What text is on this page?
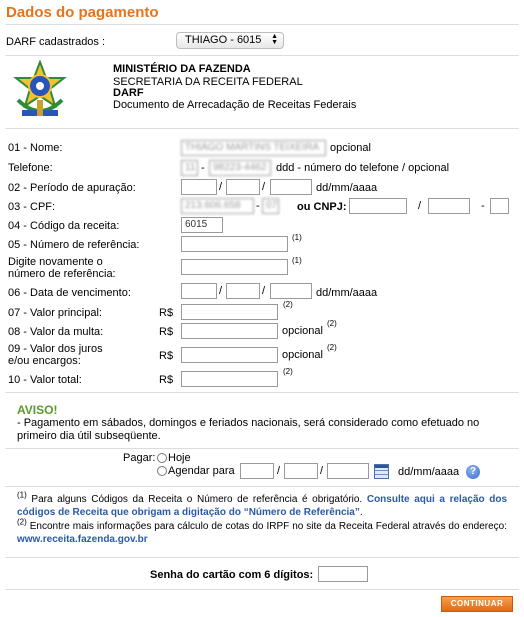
Dados do pagamento
DARF cadastrados :	THIAGO - 6015 ▲
▼
MINISTÉRIO DA FAZENDA
SECRETARIA DA RECEITA FEDERAL
DARF
Documento de Arrecadação de Receitas Federais
01 - Nome:	THIAGO MARTINS TEIXEIRA opcional
Telefone:	11 - 98223-4462 ddd - número do telefone / opcional
02 - Período de apuração:	/	/	dd/mm/aaaa
03 - CPF:	213.606.658	- 07 ou CNPJ:	/	-
04 - Código da receita:	6015
05 - Número de referência:
(1)
Digite novamente o
número de referência:
(1)
06 - Data de vencimento:	/	/	dd/mm/aaaa
07 - Valor principal:	R$
(2)
08 - Valor da multa:	R$	opcional
(2)
09 - Valor dos juros
e/ou encargos:	R$	opcional
(2)
10 - Valor total:	R$
(2)
AVISO!
- Pagamento em sábados, domingos e feriados nacionais, será considerado como efetuado no primeiro dia útil subseqüente.
Pagar: Hoje
Agendar para	/	/	dd/mm/aaaa	?
$^{(1)}$ Para alguns Códigos da Receita o Número de referência é obrigatório. Consulte aqui a relação dos códigos de Receita que obrigam a digitação do “Número de Referência”.
$^{(2)}$ Encontre mais informações para cálculo de cotas do IRPF no site da Receita Federal através do endereço: www.receita.fazenda.gov.br
Senha do cartão com 6 dígitos:
CONTINUAR
